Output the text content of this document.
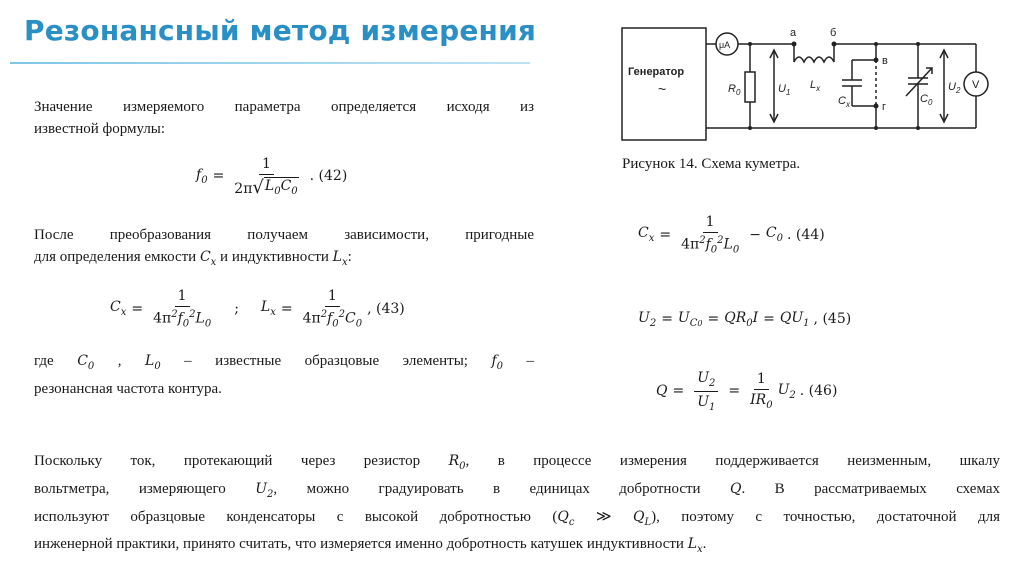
Резонансный метод измерения
Значение измеряемого параметра определяется исходя из
известной формулы:
$f_0 = \frac{1}{2\pi √ L_0C_0}$ . (42)
После преобразования получаем зависимости, пригодные
для определения емкости $C_x$ и индуктивности $L_x$:
$C_x = \frac{1}{4\pi^2f_0^2L_0}$ ; $L_x = \frac{1}{4\pi^2f_0^2C_0}$ , (43)
где $C_0$ , $L_0$ – известные образцовые элементы; $f_0$ –
резонансная частота контура.
Генератор
~
μA
а	б
в
г
$R_0$	$U_1$
$L_x$
$C_x$	$C_0$
$U_2$ V
Рисунок 14. Схема куметра.
$C_x = \frac{1}{4\pi^2f_0^2L_0} - C_0$ . (44)
$U_2 = U_{C0} = QR_0I = QU_1$ , (45)
$Q = \frac{U_2}{U_1} = \frac{1}{IR_0} U_2$ . (46)
Поскольку ток, протекающий через резистор $R_0$, в процессе измерения поддерживается неизменным, шкалу
вольтметра, измеряющего $U_2$, можно градуировать в единицах добротности Q. В рассматриваемых схемах
используют образцовые конденсаторы с высокой добротностью ($Q_c$ ≫ $Q_L$), поэтому с точностью, достаточной для
инженерной практики, принято считать, что измеряется именно добротность катушек индуктивности $L_x$.
